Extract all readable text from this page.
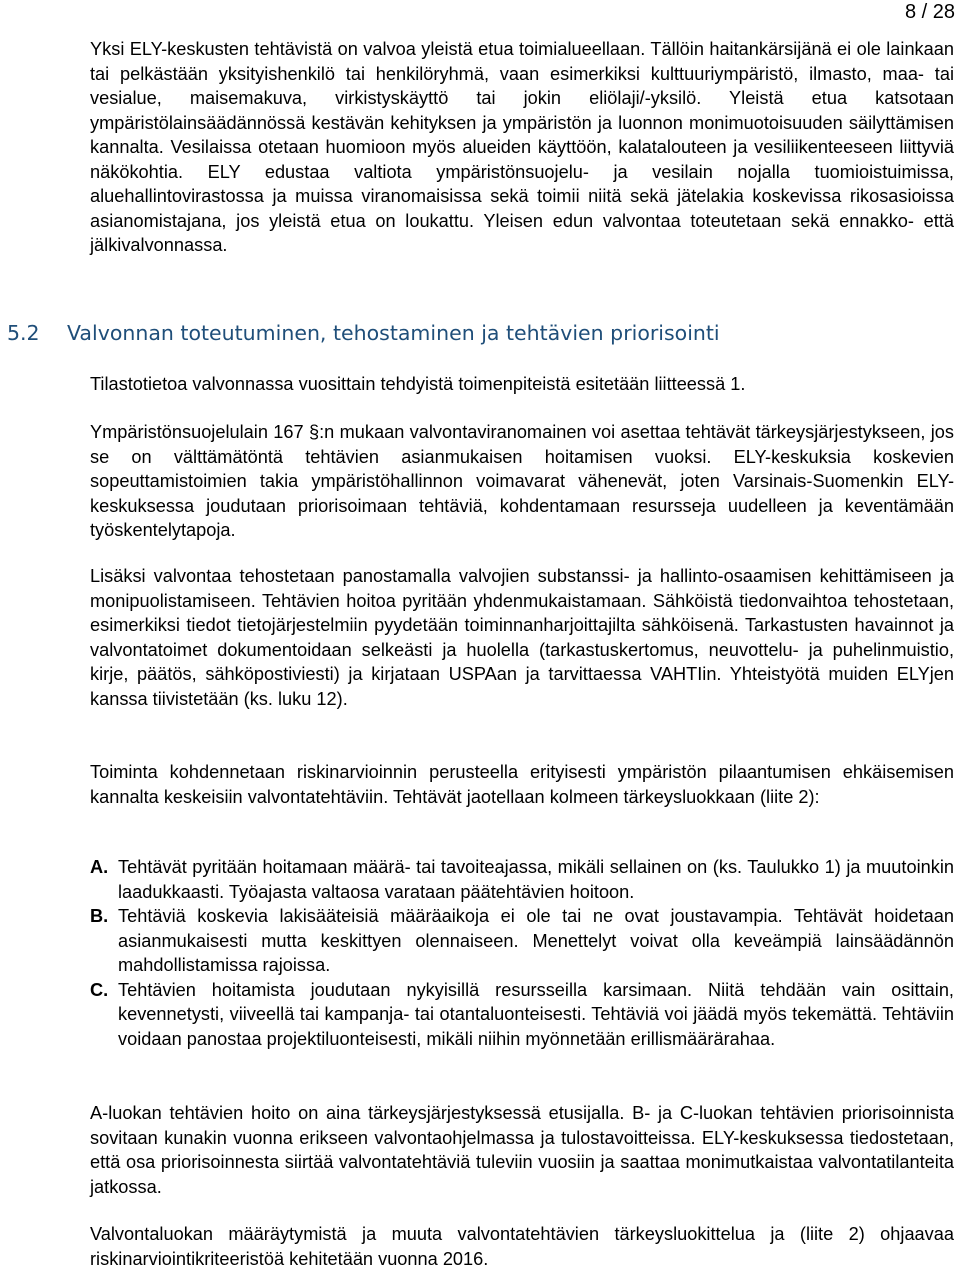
8 / 28

Yksi ELY-keskusten tehtävistä on valvoa yleistä etua toimialueellaan. Tällöin haitankärsijänä ei ole lainkaan tai pelkästään yksityishenkilö tai henkilöryhmä, vaan esimerkiksi kulttuuriympäristö, ilmasto, maa- tai vesialue, maisemakuva, virkistyskäyttö tai jokin eliölaji/-yksilö. Yleistä etua katsotaan ympäristölainsäädännössä kestävän kehityksen ja ympäristön ja luonnon monimuotoisuuden säilyttämisen kannalta. Vesilaissa otetaan huomioon myös alueiden käyttöön, kalatalouteen ja vesiliikenteeseen liittyviä näkökohtia. ELY edustaa valtiota ympäristönsuojelu- ja vesilain nojalla tuomioistuimissa, aluehallintovirastossa ja muissa viranomaisissa sekä toimii niitä sekä jätelakia koskevissa rikosasioissa asianomistajana, jos yleistä etua on loukattu. Yleisen edun valvontaa toteutetaan sekä ennakko- että jälkivalvonnassa.

5.2 Valvonnan toteutuminen, tehostaminen ja tehtävien priorisointi

Tilastotietoa valvonnassa vuosittain tehdyistä toimenpiteistä esitetään liitteessä 1.

Ympäristönsuojelulain 167 §:n mukaan valvontaviranomainen voi asettaa tehtävät tärkeysjärjestykseen, jos se on välttämätöntä tehtävien asianmukaisen hoitamisen vuoksi. ELY-keskuksia koskevien sopeuttamistoimien takia ympäristöhallinnon voimavarat vähenevät, joten Varsinais-Suomenkin ELY-keskuksessa joudutaan priorisoimaan tehtäviä, kohdentamaan resursseja uudelleen ja keventämään työskentelytapoja.

Lisäksi valvontaa tehostetaan panostamalla valvojien substanssi- ja hallinto-osaamisen kehittämiseen ja monipuolistamiseen. Tehtävien hoitoa pyritään yhdenmukaistamaan. Sähköistä tiedonvaihtoa tehostetaan, esimerkiksi tiedot tietojärjestelmiin pyydetään toiminnanharjoittajilta sähköisenä. Tarkastusten havainnot ja valvontatoimet dokumentoidaan selkeästi ja huolella (tarkastuskertomus, neuvottelu- ja puhelinmuistio, kirje, päätös, sähköpostiviesti) ja kirjataan USPAan ja tarvittaessa VAHTIin. Yhteistyötä muiden ELYjen kanssa tiivistetään (ks. luku 12).

Toiminta kohdennetaan riskinarvioinnin perusteella erityisesti ympäristön pilaantumisen ehkäisemisen kannalta keskeisiin valvontatehtäviin. Tehtävät jaotellaan kolmeen tärkeysluokkaan (liite 2):

A. Tehtävät pyritään hoitamaan määrä- tai tavoiteajassa, mikäli sellainen on (ks. Taulukko 1) ja muutoinkin laadukkaasti. Työajasta valtaosa varataan päätehtävien hoitoon.
B. Tehtäviä koskevia lakisääteisiä määräaikoja ei ole tai ne ovat joustavampia. Tehtävät hoidetaan asianmukaisesti mutta keskittyen olennaiseen. Menettelyt voivat olla keveämpiä lainsäädännön mahdollistamissa rajoissa.
C. Tehtävien hoitamista joudutaan nykyisillä resursseilla karsimaan. Niitä tehdään vain osittain, kevennetysti, viiveellä tai kampanja- tai otantaluonteisesti. Tehtäviä voi jäädä myös tekemättä. Tehtäviin voidaan panostaa projektiluonteisesti, mikäli niihin myönnetään erillismäärärahaa.

A-luokan tehtävien hoito on aina tärkeysjärjestyksessä etusijalla. B- ja C-luokan tehtävien priorisoinnista sovitaan kunakin vuonna erikseen valvontaohjelmassa ja tulostavoitteissa. ELY-keskuksessa tiedostetaan, että osa priorisoinnesta siirtää valvontatehtäviä tuleviin vuosiin ja saattaa monimutkaistaa valvontatilanteita jatkossa.

Valvontaluokan määräytymistä ja muuta valvontatehtävien tärkeysluokittelua ja (liite 2) ohjaavaa riskinarviointikriteeristöä kehitetään vuonna 2016.
